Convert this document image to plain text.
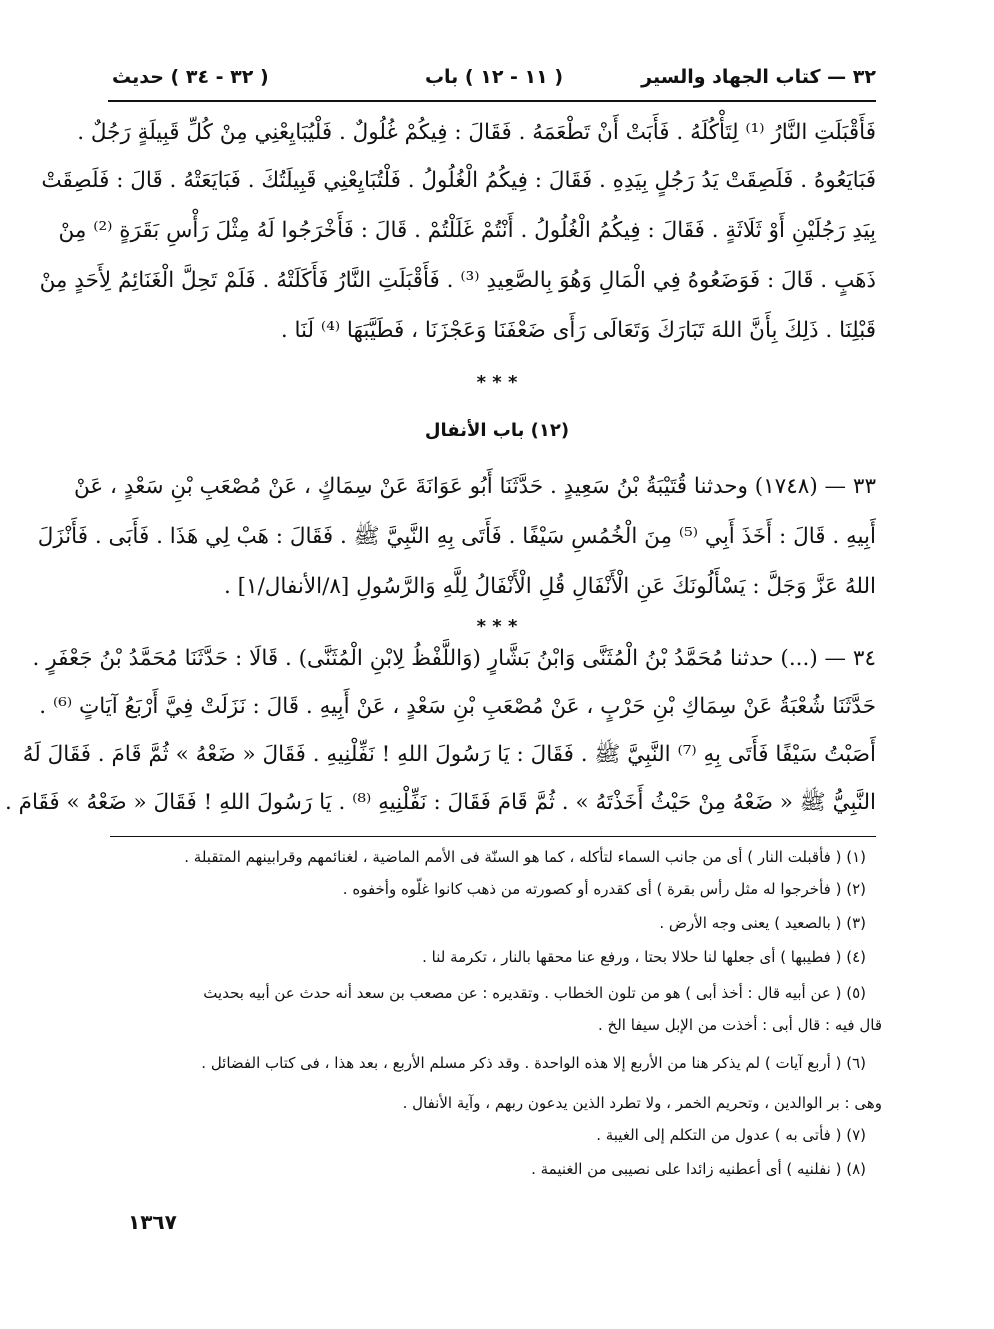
٣٢ — كتاب الجهاد والسير
( ١١ - ١٢ ) باب
( ٣٢ - ٣٤ ) حديث
فَأَقْبَلَتِ النَّارُ ⁽¹⁾ لِتَأْكُلَهُ . فَأَبَتْ أَنْ تَطْعَمَهُ . فَقَالَ : فِيكُمْ غُلُولٌ . فَلْيُبَايِعْنِي مِنْ كُلِّ قَبِيلَةٍ رَجُلٌ .
فَبَايَعُوهُ . فَلَصِقَتْ يَدُ رَجُلٍ بِيَدِهِ . فَقَالَ : فِيكُمُ الْغُلُولُ . فَلْتُبَايِعْنِي قَبِيلَتُكَ . فَبَايَعَتْهُ . قَالَ : فَلَصِقَتْ
بِيَدِ رَجُلَيْنِ أَوْ ثَلَاثَةٍ . فَقَالَ : فِيكُمُ الْغُلُولُ . أَنْتُمْ غَلَلْتُمْ . قَالَ : فَأَخْرَجُوا لَهُ مِثْلَ رَأْسِ بَقَرَةٍ ⁽²⁾ مِنْ
ذَهَبٍ . قَالَ : فَوَضَعُوهُ فِي الْمَالِ وَهُوَ بِالصَّعِيدِ ⁽³⁾ . فَأَقْبَلَتِ النَّارُ فَأَكَلَتْهُ . فَلَمْ تَحِلَّ الْغَنَائِمُ لِأَحَدٍ مِنْ
قَبْلِنَا . ذَلِكَ بِأَنَّ اللهَ تَبَارَكَ وَتَعَالَى رَأَى ضَعْفَنَا وَعَجْزَنَا ، فَطَيَّبَهَا ⁽⁴⁾ لَنَا .
* * *
(١٢) باب الأنفال
٣٣ — (١٧٤٨) وحدثنا قُتَيْبَةُ بْنُ سَعِيدٍ . حَدَّثَنَا أَبُو عَوَانَةَ عَنْ سِمَاكٍ ، عَنْ مُصْعَبِ بْنِ سَعْدٍ ، عَنْ
أَبِيهِ . قَالَ : أَخَذَ أَبِي ⁽⁵⁾ مِنَ الْخُمُسِ سَيْفًا . فَأَتَى بِهِ النَّبِيَّ ﷺ . فَقَالَ : هَبْ لِي هَذَا . فَأَبَى . فَأَنْزَلَ
اللهُ عَزَّ وَجَلَّ : يَسْأَلُونَكَ عَنِ الْأَنْفَالِ قُلِ الْأَنْفَالُ لِلَّهِ وَالرَّسُولِ [٨/الأنفال/١] .
* * *
٣٤ — (...) حدثنا مُحَمَّدُ بْنُ الْمُثَنَّى وَابْنُ بَشَّارٍ (وَاللَّفْظُ لِابْنِ الْمُثَنَّى) . قَالَا : حَدَّثَنَا مُحَمَّدُ بْنُ جَعْفَرٍ .
حَدَّثَنَا شُعْبَةُ عَنْ سِمَاكِ بْنِ حَرْبٍ ، عَنْ مُصْعَبِ بْنِ سَعْدٍ ، عَنْ أَبِيهِ . قَالَ : نَزَلَتْ فِيَّ أَرْبَعُ آيَاتٍ ⁽⁶⁾ .
أَصَبْتُ سَيْفًا فَأَتَى بِهِ ⁽⁷⁾ النَّبِيَّ ﷺ . فَقَالَ : يَا رَسُولَ اللهِ ! نَفِّلْنِيهِ . فَقَالَ « ضَعْهُ » ثُمَّ قَامَ . فَقَالَ لَهُ
النَّبِيُّ ﷺ « ضَعْهُ مِنْ حَيْثُ أَخَذْتَهُ » . ثُمَّ قَامَ فَقَالَ : نَفِّلْنِيهِ ⁽⁸⁾ . يَا رَسُولَ اللهِ ! فَقَالَ « ضَعْهُ » فَقَامَ .
(١) ( فأقبلت النار ) أى من جانب السماء لتأكله ، كما هو السنّة فى الأمم الماضية ، لغنائمهم وقرابينهم المتقبلة .
(٢) ( فأخرجوا له مثل رأس بقرة ) أى كقدره أو كصورته من ذهب كانوا غلّوه وأخفوه .
(٣) ( بالصعيد ) يعنى وجه الأرض .
(٤) ( فطيبها ) أى جعلها لنا حلالا بحتا ، ورفع عنا محقها بالنار ، تكرمة لنا .
(٥) ( عن أبيه قال : أخذ أبى ) هو من تلون الخطاب . وتقديره : عن مصعب بن سعد أنه حدث عن أبيه بحديث
قال فيه : قال أبى : أخذت من الإبل سيفا الخ .
(٦) ( أربع آيات ) لم يذكر هنا من الأربع إلا هذه الواحدة . وقد ذكر مسلم الأربع ، بعد هذا ، فى كتاب الفضائل .
وهى : بر الوالدين ، وتحريم الخمر ، ولا تطرد الذين يدعون ربهم ، وآية الأنفال .
(٧) ( فأتى به ) عدول من التكلم إلى الغيبة .
(٨) ( نفلنيه ) أى أعطنيه زائدا على نصيبى من الغنيمة .
١٣٦٧
